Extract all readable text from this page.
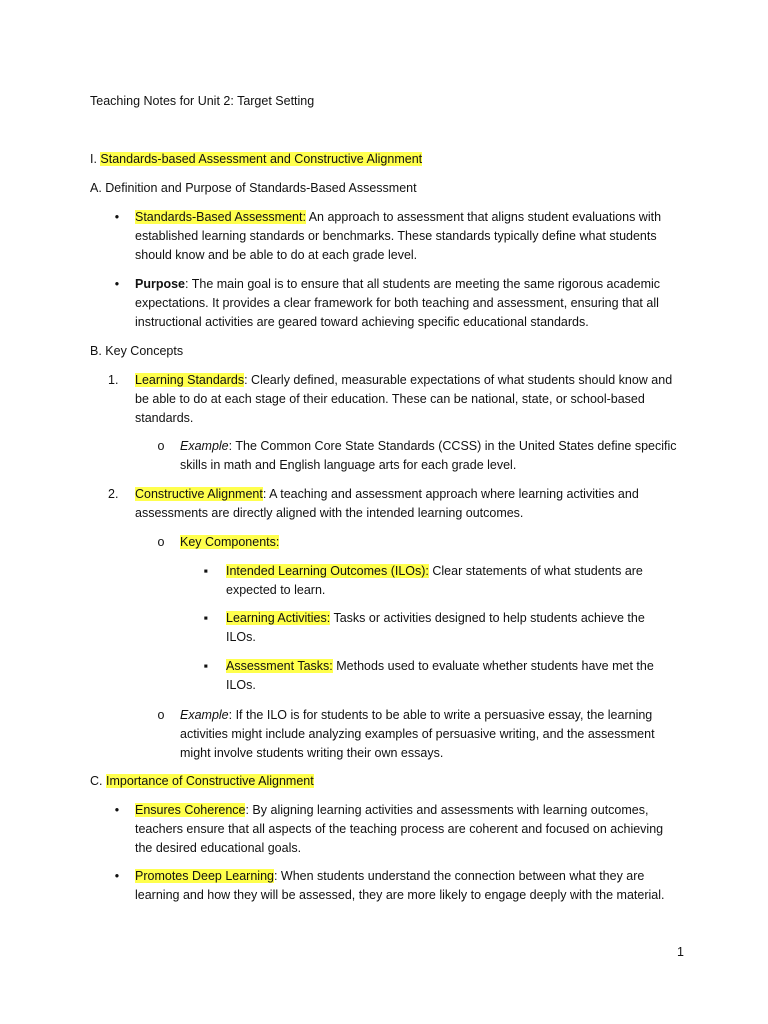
Teaching Notes for Unit 2: Target Setting
I. Standards-based Assessment and Constructive Alignment
A. Definition and Purpose of Standards-Based Assessment
•	Standards-Based Assessment: An approach to assessment that aligns student evaluations with established learning standards or benchmarks. These standards typically define what students should know and be able to do at each grade level.
•	Purpose: The main goal is to ensure that all students are meeting the same rigorous academic expectations. It provides a clear framework for both teaching and assessment, ensuring that all instructional activities are geared toward achieving specific educational standards.
B. Key Concepts
1.	Learning Standards: Clearly defined, measurable expectations of what students should know and be able to do at each stage of their education. These can be national, state, or school-based standards.
o Example: The Common Core State Standards (CCSS) in the United States define specific skills in math and English language arts for each grade level.
2.	Constructive Alignment: A teaching and assessment approach where learning activities and assessments are directly aligned with the intended learning outcomes.
o Key Components:
▪	Intended Learning Outcomes (ILOs): Clear statements of what students are expected to learn.
▪	Learning Activities: Tasks or activities designed to help students achieve the ILOs.
▪	Assessment Tasks: Methods used to evaluate whether students have met the ILOs.
o Example: If the ILO is for students to be able to write a persuasive essay, the learning activities might include analyzing examples of persuasive writing, and the assessment might involve students writing their own essays.
C. Importance of Constructive Alignment
•	Ensures Coherence: By aligning learning activities and assessments with learning outcomes, teachers ensure that all aspects of the teaching process are coherent and focused on achieving the desired educational goals.
•	Promotes Deep Learning: When students understand the connection between what they are learning and how they will be assessed, they are more likely to engage deeply with the material.
1
